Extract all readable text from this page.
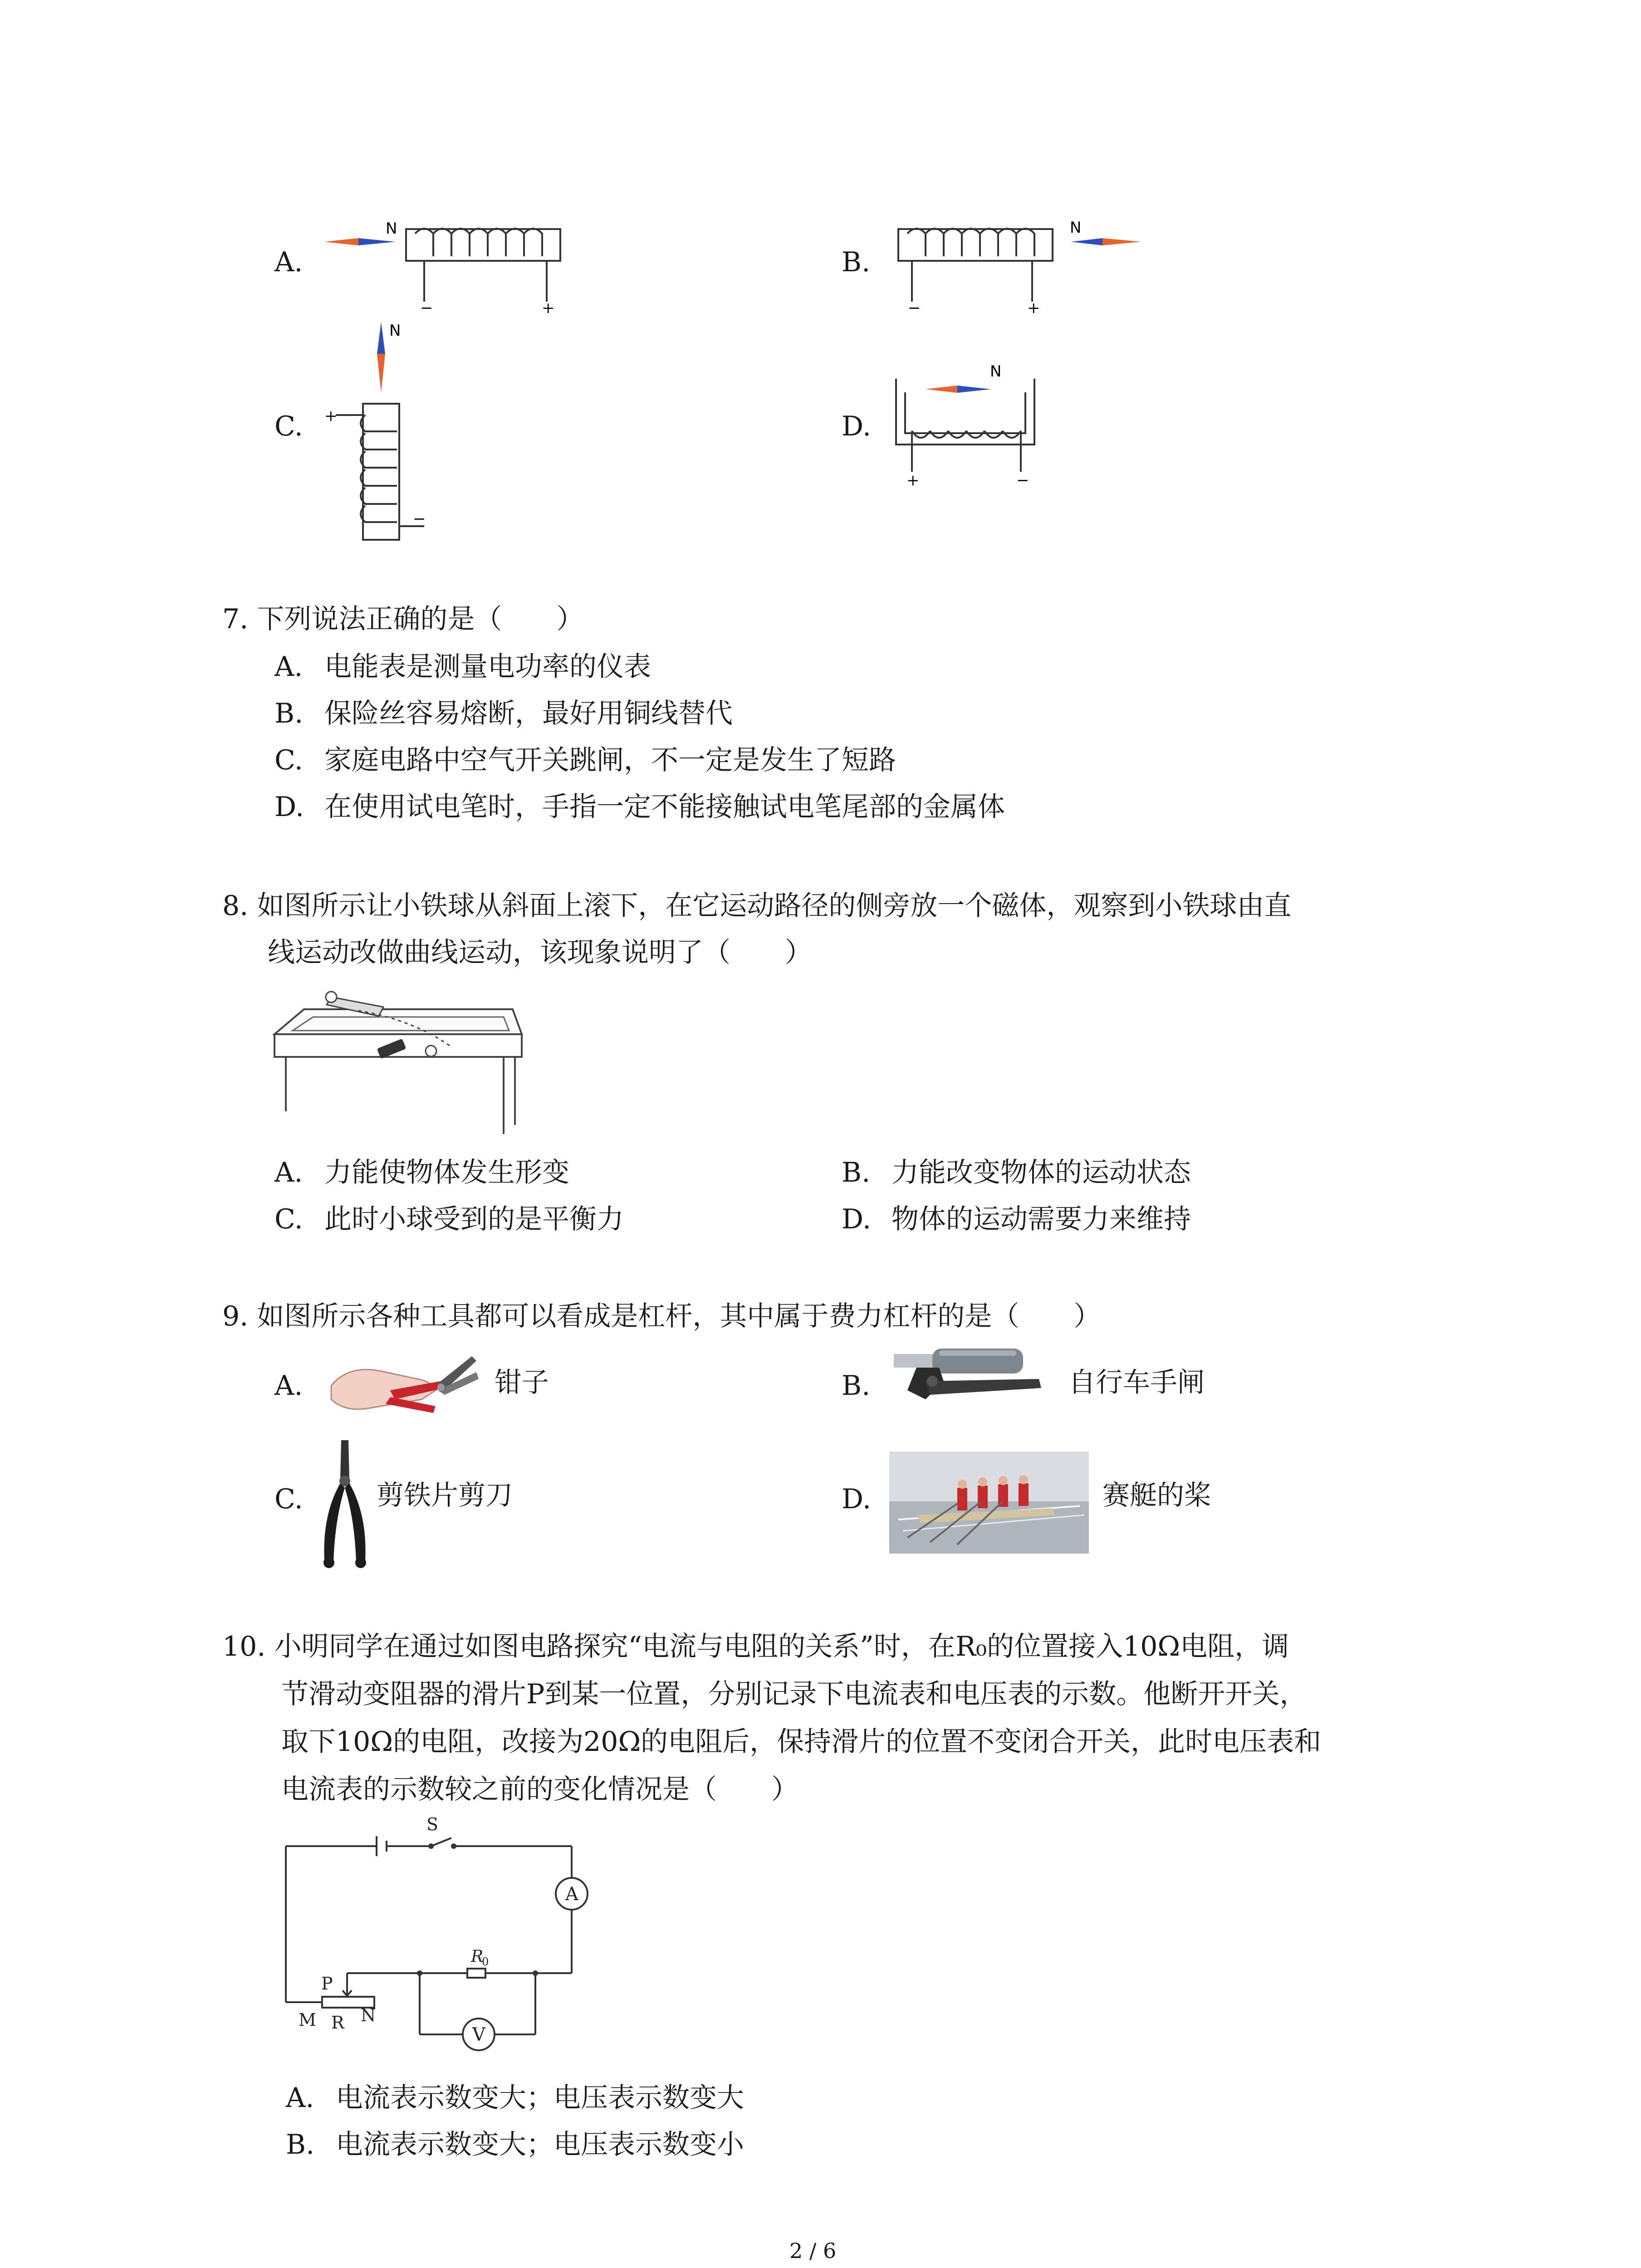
A.
N
−	+
B.
−	+
N
C.
N
+
−
D.
N
+	−
7. 下列说法正确的是（　　）
A. 电能表是测量电功率的仪表
B. 保险丝容易熔断，最好用铜线替代
C. 家庭电路中空气开关跳闸，不一定是发生了短路
D. 在使用试电笔时，手指一定不能接触试电笔尾部的金属体
8. 如图所示让小铁球从斜面上滚下，在它运动路径的侧旁放一个磁体，观察到小铁球由直
线运动改做曲线运动，该现象说明了（　　）
A. 力能使物体发生形变	B. 力能改变物体的运动状态
C. 此时小球受到的是平衡力	D. 物体的运动需要力来维持
9. 如图所示各种工具都可以看成是杠杆，其中属于费力杠杆的是（　　）
A.	钳子	B.	自行车手闸
C.	剪铁片剪刀	D.	赛艇的桨
10. 小明同学在通过如图电路探究“电流与电阻的关系”时，在R₀的位置接入10Ω电阻，调
节滑动变阻器的滑片P到某一位置，分别记录下电流表和电压表的示数。他断开开关，
取下10Ω的电阻，改接为20Ω的电阻后，保持滑片的位置不变闭合开关，此时电压表和
电流表的示数较之前的变化情况是（　　）
S
A
V
R
0
P
M R N
A. 电流表示数变大；电压表示数变大
B. 电流表示数变大；电压表示数变小
2 / 6
